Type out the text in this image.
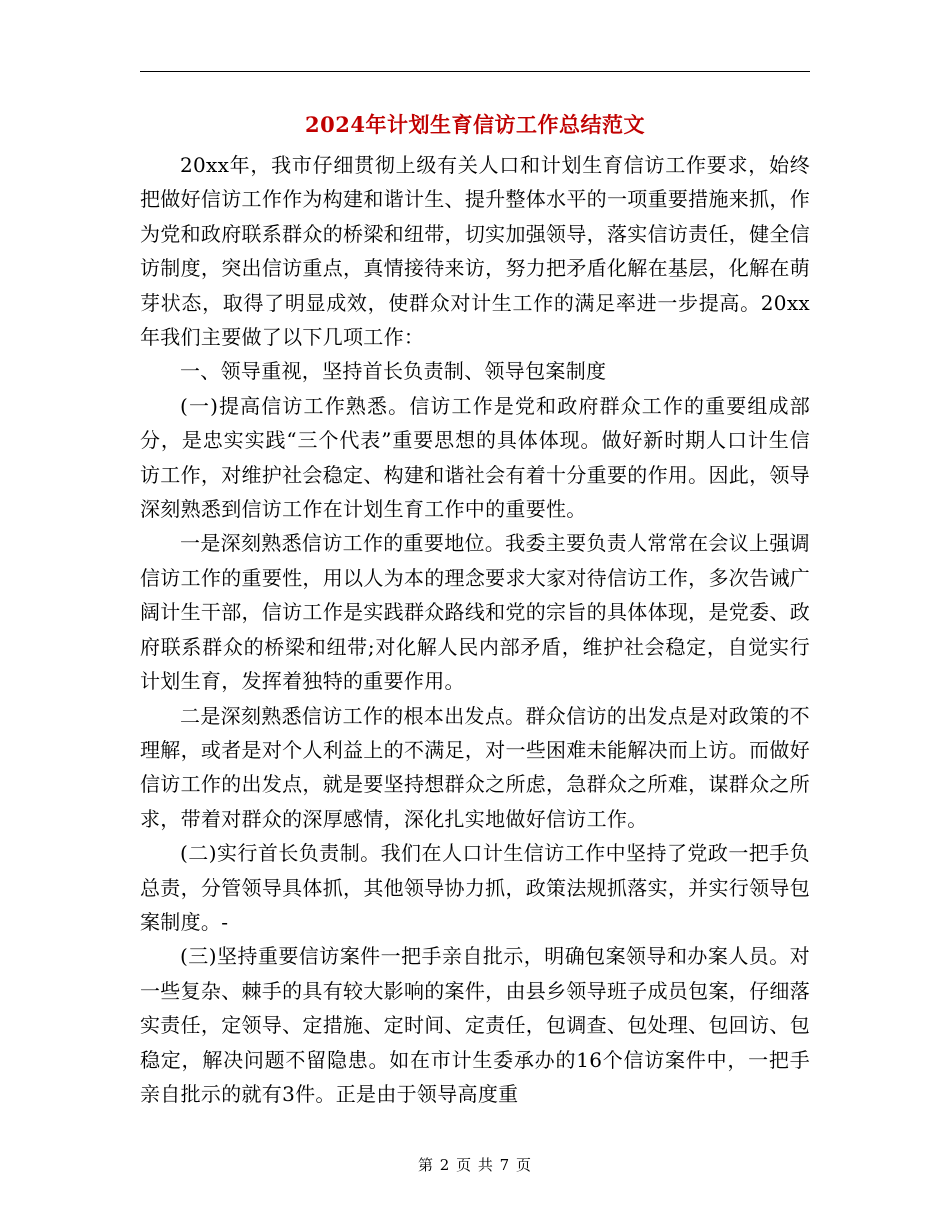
2024年计划生育信访工作总结范文

20xx年，我市仔细贯彻上级有关人口和计划生育信访工作要求，始终把做好信访工作作为构建和谐计生、提升整体水平的一项重要措施来抓，作为党和政府联系群众的桥梁和纽带，切实加强领导，落实信访责任，健全信访制度，突出信访重点，真情接待来访，努力把矛盾化解在基层，化解在萌芽状态，取得了明显成效，使群众对计生工作的满足率进一步提高。20xx年我们主要做了以下几项工作：

一、领导重视，坚持首长负责制、领导包案制度

(一)提高信访工作熟悉。信访工作是党和政府群众工作的重要组成部分，是忠实实践“三个代表”重要思想的具体体现。做好新时期人口计生信访工作，对维护社会稳定、构建和谐社会有着十分重要的作用。因此，领导深刻熟悉到信访工作在计划生育工作中的重要性。

一是深刻熟悉信访工作的重要地位。我委主要负责人常常在会议上强调信访工作的重要性，用以人为本的理念要求大家对待信访工作，多次告诫广阔计生干部，信访工作是实践群众路线和党的宗旨的具体体现，是党委、政府联系群众的桥梁和纽带;对化解人民内部矛盾，维护社会稳定，自觉实行计划生育，发挥着独特的重要作用。

二是深刻熟悉信访工作的根本出发点。群众信访的出发点是对政策的不理解，或者是对个人利益上的不满足，对一些困难未能解决而上访。而做好信访工作的出发点，就是要坚持想群众之所虑，急群众之所难，谋群众之所求，带着对群众的深厚感情，深化扎实地做好信访工作。

(二)实行首长负责制。我们在人口计生信访工作中坚持了党政一把手负总责，分管领导具体抓，其他领导协力抓，政策法规抓落实，并实行领导包案制度。-

(三)坚持重要信访案件一把手亲自批示，明确包案领导和办案人员。对一些复杂、棘手的具有较大影响的案件，由县乡领导班子成员包案，仔细落实责任，定领导、定措施、定时间、定责任，包调查、包处理、包回访、包稳定，解决问题不留隐患。如在市计生委承办的16个信访案件中，一把手亲自批示的就有3件。正是由于领导高度重

第 2 页 共 7 页
